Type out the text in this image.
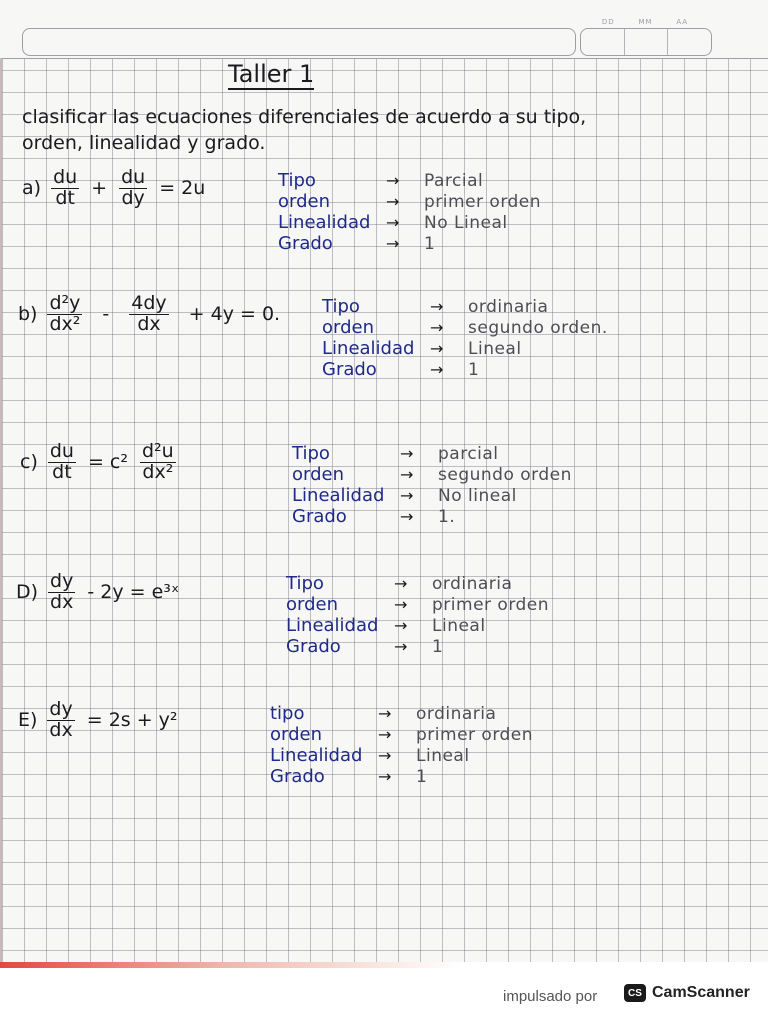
DD	MM	AA
Taller 1
clasificar las ecuaciones diferenciales de acuerdo a su tipo,
orden, linealidad y grado.
$a) \frac{du}{dt} + \frac{du}{dy} = 2u$	Tipo	→	Parcial
orden	→	primer orden
Linealidad →	No Lineal
Grado	→	1
$b) \frac{\text{d²y}}{\text{dx²}} - \frac{4dy}{dx} + 4y = 0$. Tipo	→	ordinaria
orden	→	segundo orden.
Linealidad →	Lineal
Grado	→	1
$c) \frac{du}{dt} = c^2 \frac{\text{d²u}}{\text{dx²}}$	Tipo	→	parcial
orden	→	segundo orden
Linealidad →	No lineal
Grado	→	1.
$D) \frac{dy}{dx} - 2y$ = e³ˣ	Tipo	→	ordinaria
orden	→	primer orden
Linealidad →	Lineal
Grado	→	1
$E) \frac{dy}{dx} = 2s + y^2$	tipo	→	ordinaria
orden	→	primer orden
Linealidad →	Lineal
Grado	→	1
impulsado por	CS CamScanner
